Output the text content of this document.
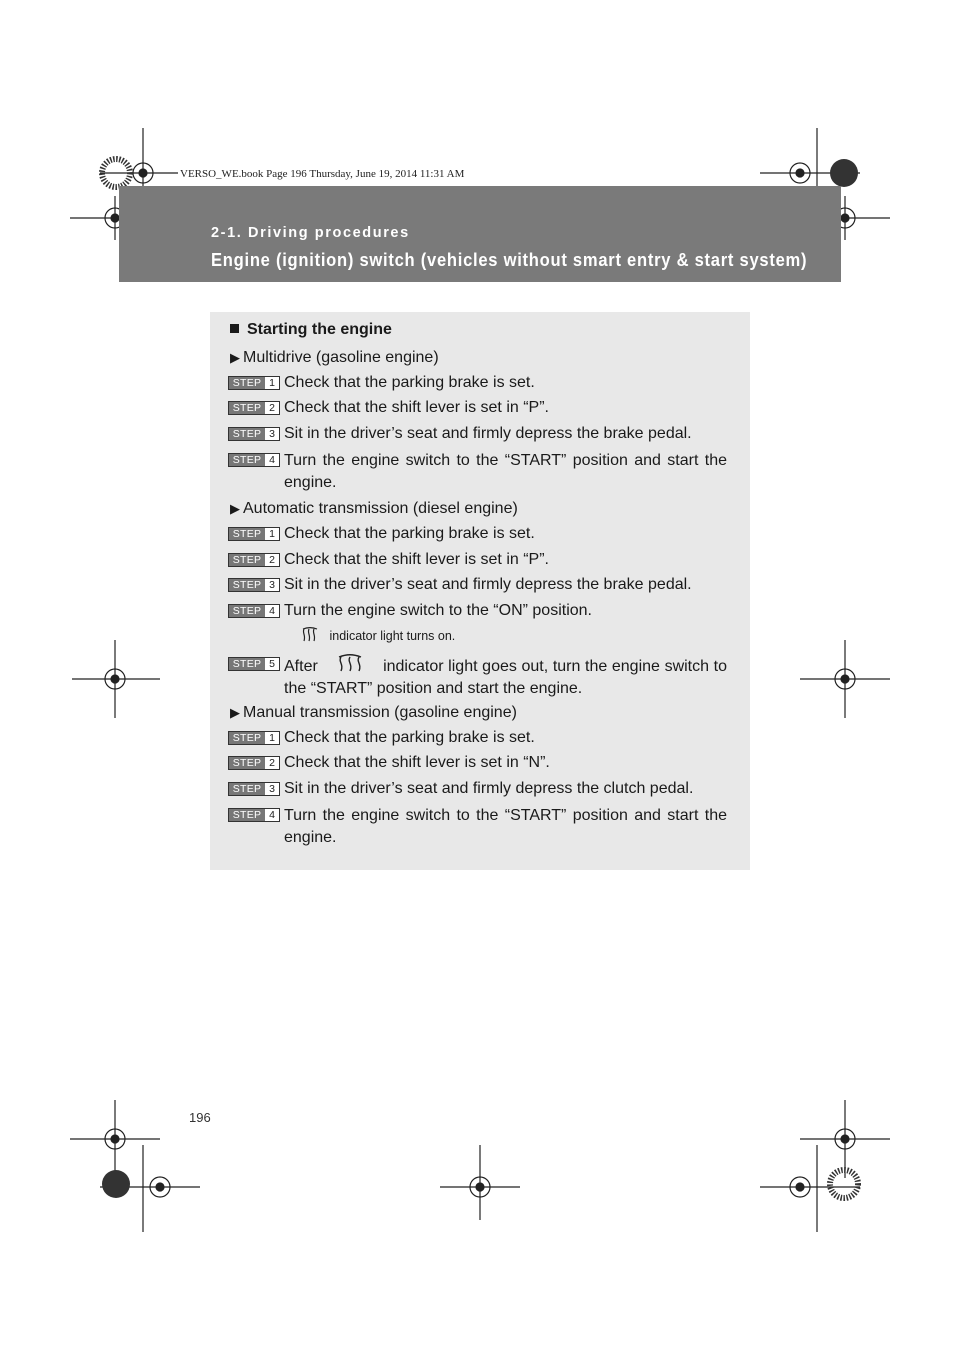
2-1. Driving procedures
Engine (ignition) switch (vehicles without smart entry & start system)
VERSO_WE.book Page 196 Thursday, June 19, 2014 11:31 AM
Starting the engine
▶ Multidrive (gasoline engine)
STEP 1 Check that the parking brake is set.
STEP 2 Check that the shift lever is set in “P”.
STEP 3 Sit in the driver’s seat and firmly depress the brake pedal.
STEP 4 Turn the engine switch to the “START” position and start the engine.
▶ Automatic transmission (diesel engine)
STEP 1 Check that the parking brake is set.
STEP 2 Check that the shift lever is set in “P”.
STEP 3 Sit in the driver’s seat and firmly depress the brake pedal.
STEP 4 Turn the engine switch to the “ON” position.
indicator light turns on.
STEP 5 After	indicator light goes out, turn the engine switch to the “START” position and start the engine.
▶ Manual transmission (gasoline engine)
STEP 1 Check that the parking brake is set.
STEP 2 Check that the shift lever is set in “N”.
STEP 3 Sit in the driver’s seat and firmly depress the clutch pedal.
STEP 4 Turn the engine switch to the “START” position and start the engine.
196
